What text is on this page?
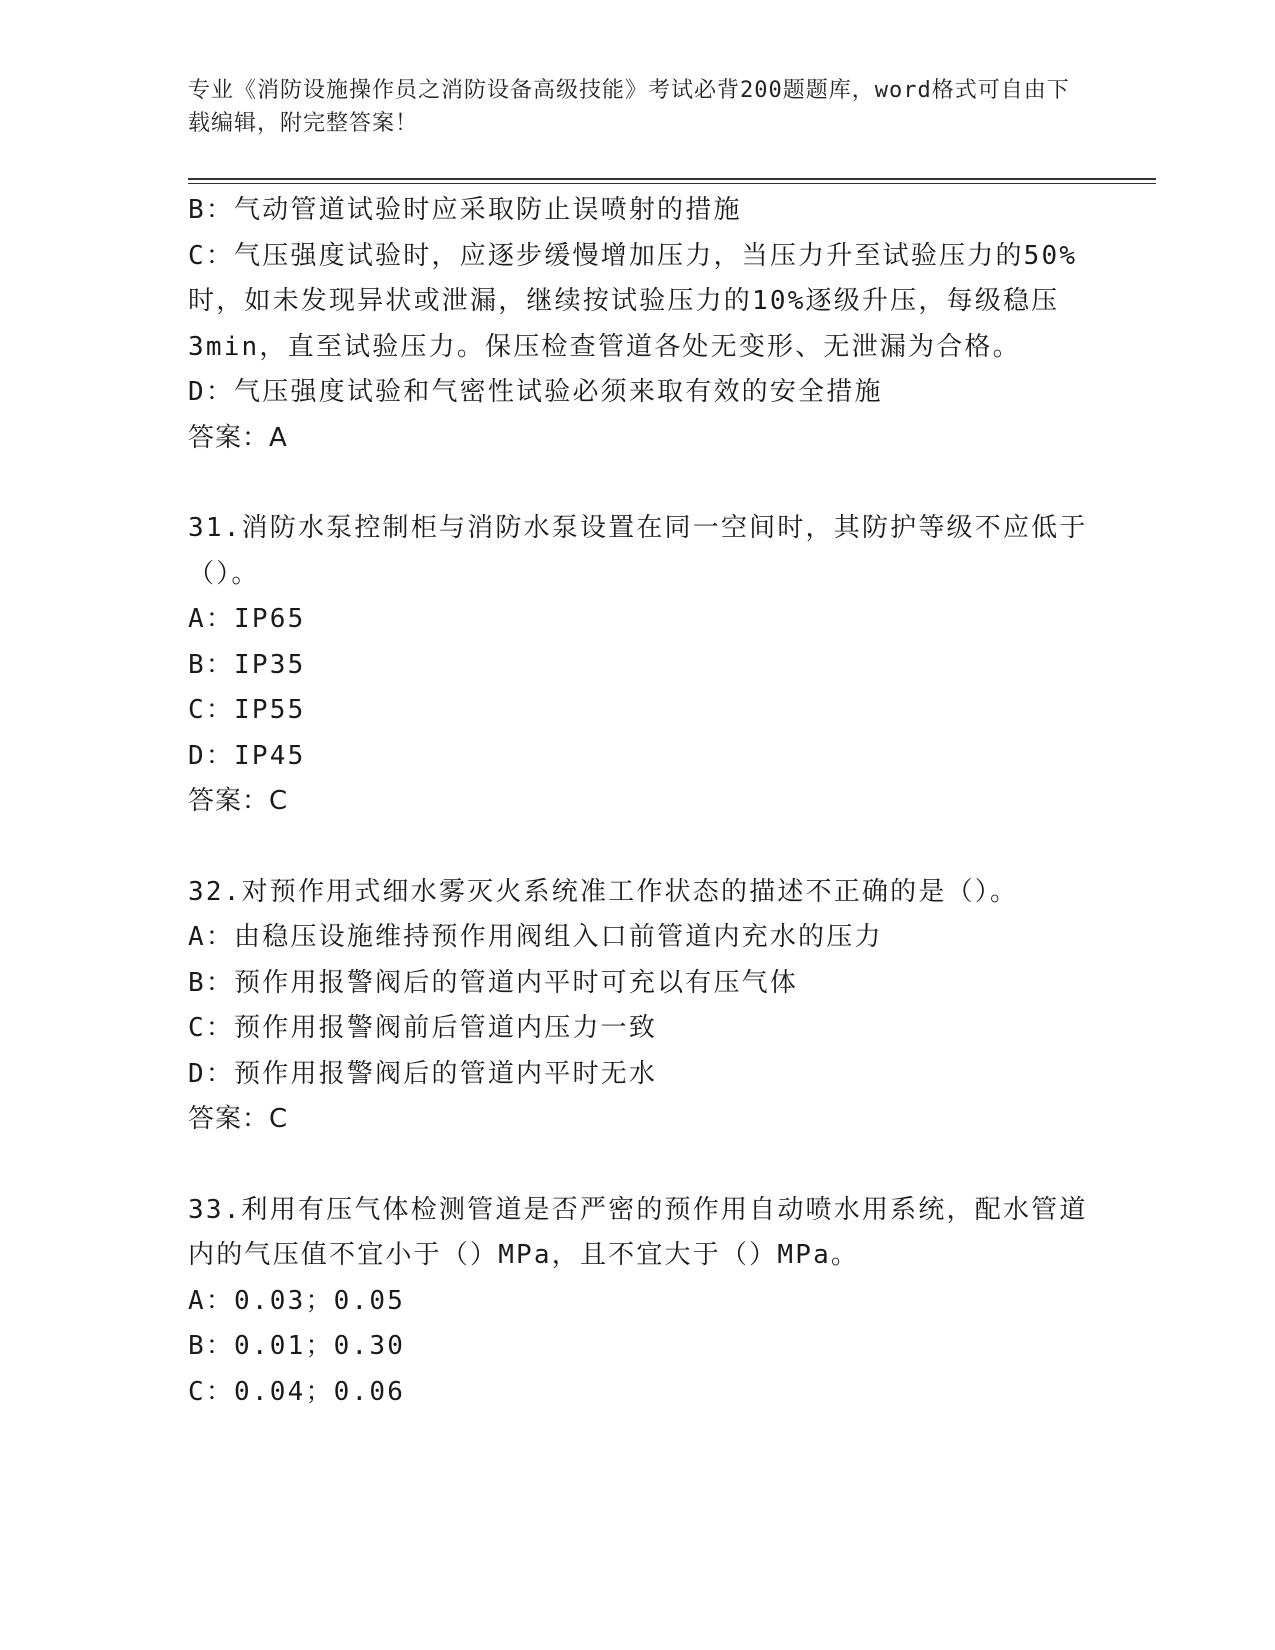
专业《消防设施操作员之消防设备高级技能》考试必背200题题库，word格式可自由下载编辑，附完整答案！

B：气动管道试验时应采取防止误喷射的措施

C：气压强度试验时，应逐步缓慢增加压力，当压力升至试验压力的50%时，如未发现异状或泄漏，继续按试验压力的10%逐级升压，每级稳压3min，直至试验压力。保压检查管道各处无变形、无泄漏为合格。

D：气压强度试验和气密性试验必须来取有效的安全措施

答案：A

31.消防水泵控制柜与消防水泵设置在同一空间时，其防护等级不应低于（）。

A：IP65

B：IP35

C：IP55

D：IP45

答案：C

32.对预作用式细水雾灭火系统准工作状态的描述不正确的是（）。

A：由稳压设施维持预作用阀组入口前管道内充水的压力

B：预作用报警阀后的管道内平时可充以有压气体

C：预作用报警阀前后管道内压力一致

D：预作用报警阀后的管道内平时无水

答案：C

33.利用有压气体检测管道是否严密的预作用自动喷水用系统，配水管道内的气压值不宜小于（）MPa，且不宜大于（）MPa。

A：0.03；0.05

B：0.01；0.30

C：0.04；0.06
